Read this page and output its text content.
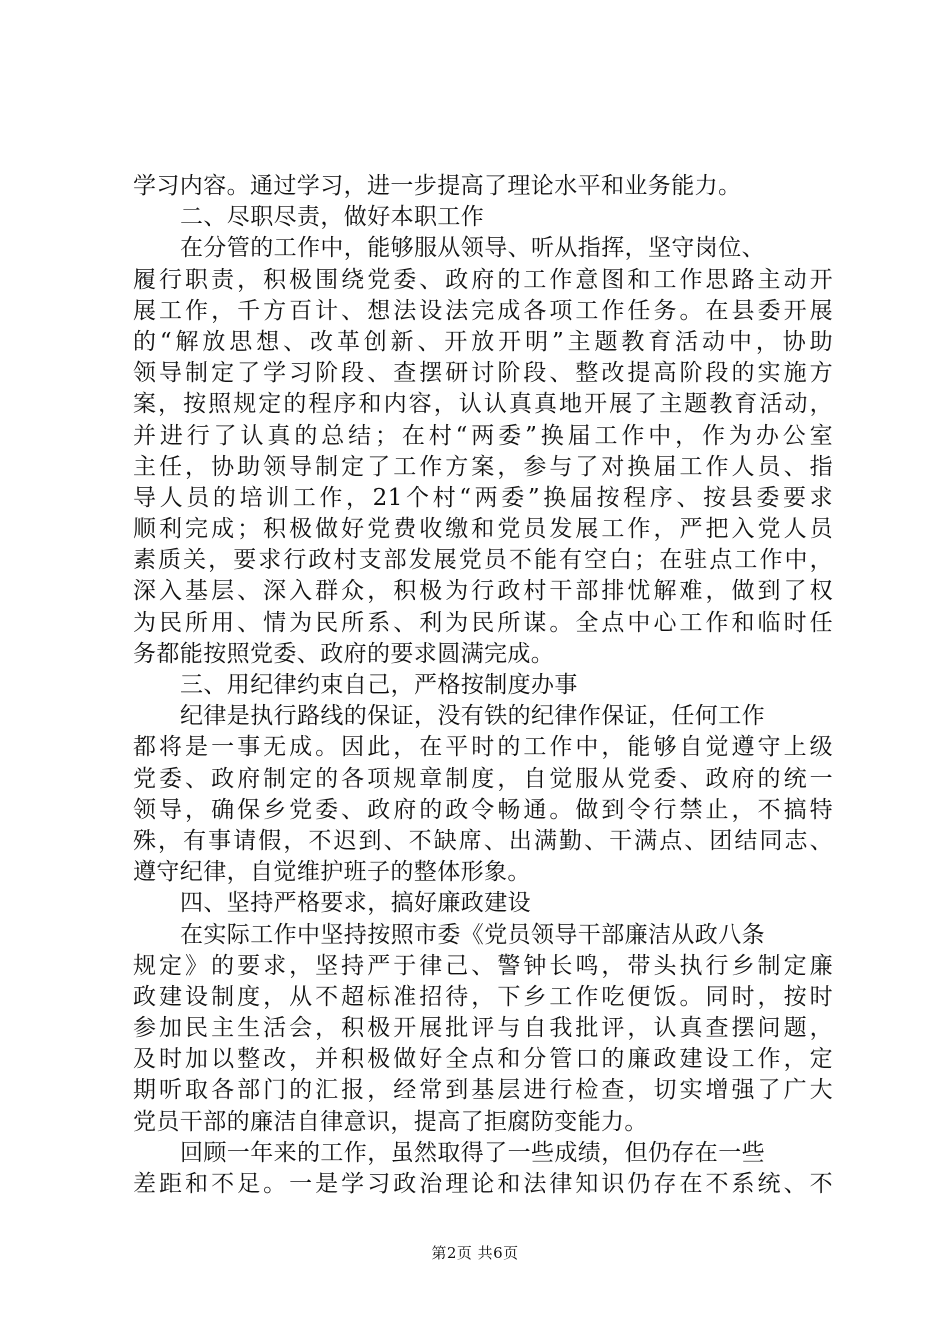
学习内容。通过学习，进一步提高了理论水平和业务能力。
二、尽职尽责，做好本职工作
在分管的工作中，能够服从领导、听从指挥，坚守岗位、
履行职责，积极围绕党委、政府的工作意图和工作思路主动开
展工作，千方百计、想法设法完成各项工作任务。在县委开展
的“解放思想、改革创新、开放开明”主题教育活动中，协助
领导制定了学习阶段、查摆研讨阶段、整改提高阶段的实施方
案，按照规定的程序和内容，认认真真地开展了主题教育活动，
并进行了认真的总结；在村“两委”换届工作中，作为办公室
主任，协助领导制定了工作方案，参与了对换届工作人员、指
导人员的培训工作，21个村“两委”换届按程序、按县委要求
顺利完成；积极做好党费收缴和党员发展工作，严把入党人员
素质关，要求行政村支部发展党员不能有空白；在驻点工作中，
深入基层、深入群众，积极为行政村干部排忧解难，做到了权
为民所用、情为民所系、利为民所谋。全点中心工作和临时任
务都能按照党委、政府的要求圆满完成。
三、用纪律约束自己，严格按制度办事
纪律是执行路线的保证，没有铁的纪律作保证，任何工作
都将是一事无成。因此，在平时的工作中，能够自觉遵守上级
党委、政府制定的各项规章制度，自觉服从党委、政府的统一
领导，确保乡党委、政府的政令畅通。做到令行禁止，不搞特
殊，有事请假，不迟到、不缺席、出满勤、干满点、团结同志、
遵守纪律，自觉维护班子的整体形象。
四、坚持严格要求，搞好廉政建设
在实际工作中坚持按照市委《党员领导干部廉洁从政八条
规定》的要求，坚持严于律己、警钟长鸣，带头执行乡制定廉
政建设制度，从不超标准招待，下乡工作吃便饭。同时，按时
参加民主生活会，积极开展批评与自我批评，认真查摆问题，
及时加以整改，并积极做好全点和分管口的廉政建设工作，定
期听取各部门的汇报，经常到基层进行检查，切实增强了广大
党员干部的廉洁自律意识，提高了拒腐防变能力。
回顾一年来的工作，虽然取得了一些成绩，但仍存在一些
差距和不足。一是学习政治理论和法律知识仍存在不系统、不
第2页 共6页
